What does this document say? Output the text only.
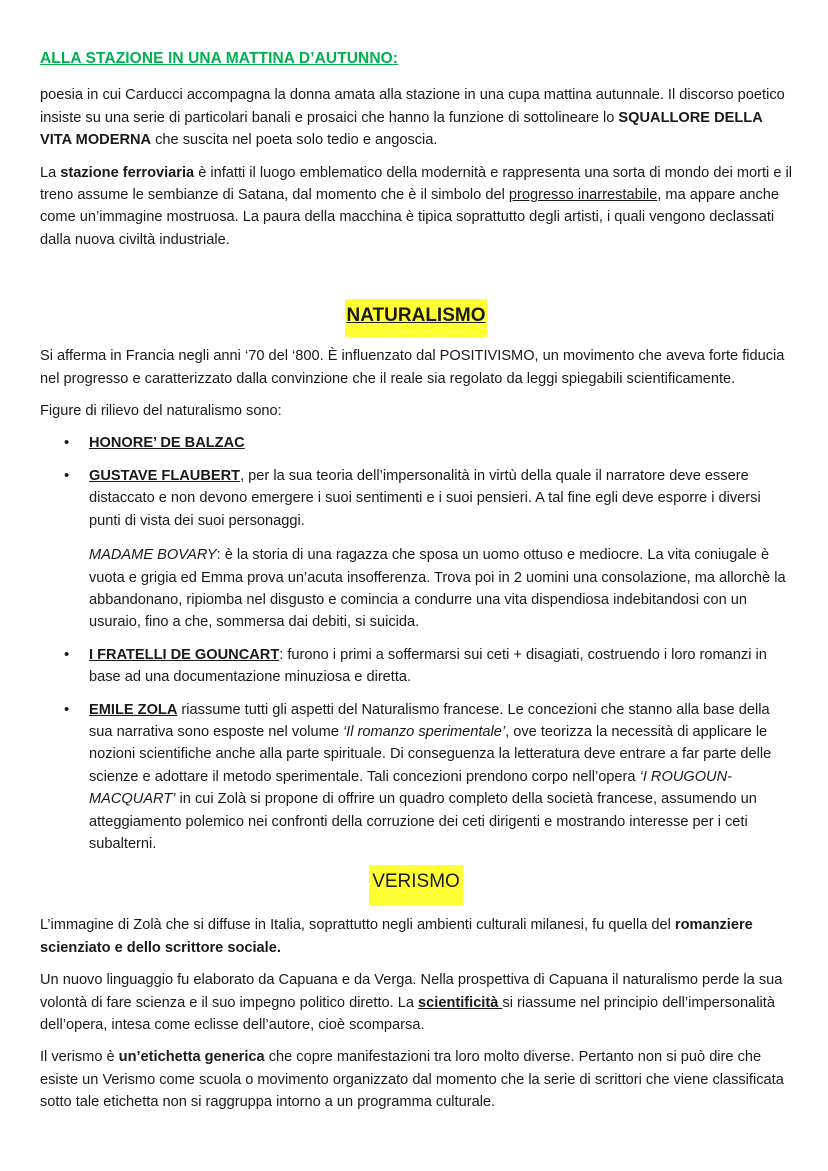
ALLA STAZIONE IN UNA MATTINA D’AUTUNNO:

poesia in cui Carducci accompagna la donna amata alla stazione in una cupa mattina autunnale. Il discorso poetico insiste su una serie di particolari banali e prosaici che hanno la funzione di sottolineare lo SQUALLORE DELLA VITA MODERNA che suscita nel poeta solo tedio e angoscia.

La stazione ferroviaria è infatti il luogo emblematico della modernità e rappresenta una sorta di mondo dei morti e il treno assume le sembianze di Satana, dal momento che è il simbolo del progresso inarrestabile, ma appare anche come un’immagine mostruosa. La paura della macchina è tipica soprattutto degli artisti, i quali vengono declassati dalla nuova civiltà industriale.

NATURALISMO

Si afferma in Francia negli anni ‘70 del ‘800. È influenzato dal POSITIVISMO, un movimento che aveva forte fiducia nel progresso e caratterizzato dalla convinzione che il reale sia regolato da leggi spiegabili scientificamente.

Figure di rilievo del naturalismo sono:

• HONORE’ DE BALZAC
• GUSTAVE FLAUBERT, per la sua teoria dell’impersonalità in virtù della quale il narratore deve essere distaccato e non devono emergere i suoi sentimenti e i suoi pensieri. A tal fine egli deve esporre i diversi punti di vista dei suoi personaggi.

MADAME BOVARY: è la storia di una ragazza che sposa un uomo ottuso e mediocre. La vita coniugale è vuota e grigia ed Emma prova un’acuta insofferenza. Trova poi in 2 uomini una consolazione, ma allorchè la abbandonano, ripiomba nel disgusto e comincia a condurre una vita dispendiosa indebitandosi con un usuraio, fino a che, sommersa dai debiti, si suicida.

• I FRATELLI DE GOUNCART: furono i primi a soffermarsi sui ceti + disagiati, costruendo i loro romanzi in base ad una documentazione minuziosa e diretta.
• EMILE ZOLA riassume tutti gli aspetti del Naturalismo francese. Le concezioni che stanno alla base della sua narrativa sono esposte nel volume ‘Il romanzo sperimentale’, ove teorizza la necessità di applicare le nozioni scientifiche anche alla parte spirituale. Di conseguenza la letteratura deve entrare a far parte delle scienze e adottare il metodo sperimentale. Tali concezioni prendono corpo nell’opera ‘I ROUGOUN-MACQUART’ in cui Zolà si propone di offrire un quadro completo della società francese, assumendo un atteggiamento polemico nei confronti della corruzione dei ceti dirigenti e mostrando interesse per i ceti subalterni.
VERISMO

L’immagine di Zolà che si diffuse in Italia, soprattutto negli ambienti culturali milanesi, fu quella del romanziere scienziato e dello scrittore sociale.

Un nuovo linguaggio fu elaborato da Capuana e da Verga. Nella prospettiva di Capuana il naturalismo perde la sua volontà di fare scienza e il suo impegno politico diretto. La scientificità si riassume nel principio dell’impersonalità dell’opera, intesa come eclisse dell’autore, cioè scomparsa.

Il verismo è un’etichetta generica che copre manifestazioni tra loro molto diverse. Pertanto non si può dire che esiste un Verismo come scuola o movimento organizzato dal momento che la serie di scrittori che viene classificata sotto tale etichetta non si raggruppa intorno a un programma culturale.
